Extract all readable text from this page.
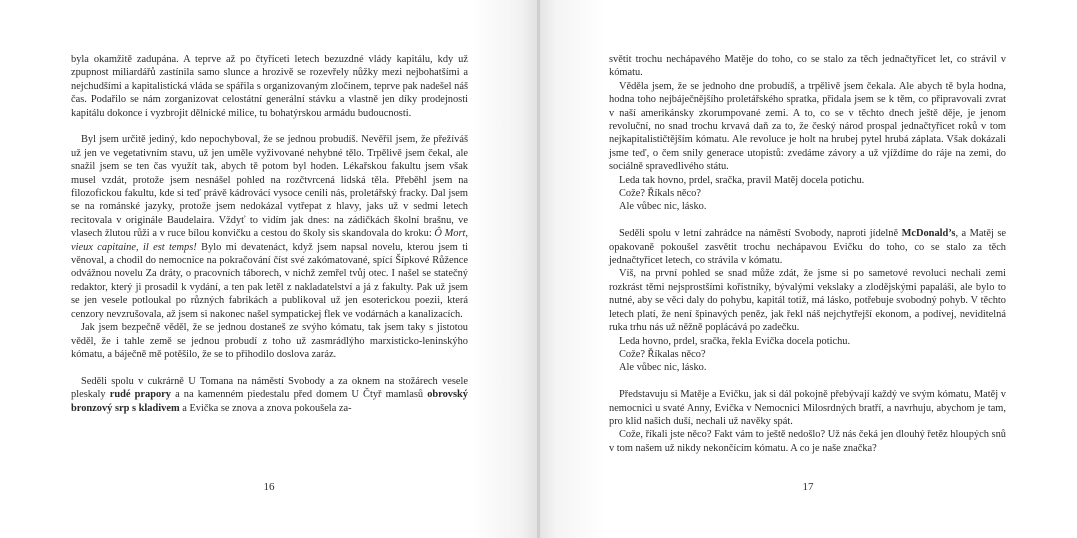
byla okamžitě zadupána. A teprve až po čtyřiceti letech bezuzdné vlády kapitálu, kdy už zpupnost miliardářů zastínila samo slunce a hrozivě se rozevřely nůžky mezi nejbohatšími a nejchudšími a kapitalistická vláda se spářila s organizovaným zločinem, teprve pak nadešel náš čas. Podařilo se nám zorganizovat celostátní generální stávku a vlastně jen díky prodejnosti kapitálu dokonce i vyzbrojit dělnické milice, tu bohatýrskou armádu budoucnosti.

Byl jsem určitě jediný, kdo nepochyboval, že se jednou probudíš. Nevěřil jsem, že přežíváš už jen ve vegetativním stavu, už jen uměle vyživované nehybné tělo. Trpělivě jsem čekal, ale snažil jsem se ten čas využít tak, abych tě potom byl hoden. Lékařskou fakultu jsem však musel vzdát, protože jsem nesnášel pohled na rozčtvrcená lidská těla. Přeběhl jsem na filozofickou fakultu, kde si teď právě kádrovácí vysoce cenili nás, proletářský fracky. Dal jsem se na románské jazyky, protože jsem nedokázal vytřepat z hlavy, jaks už v sedmi letech recitovala v originále Baudelaira. Vždyť to vidím jak dnes: na zádičkách školní brašnu, ve vlasech žlutou růži a v ruce bílou konvičku a cestou do školy sis skandovala do kroku: Ô Mort, vieux capitaine, il est temps! Bylo mi devatenáct, když jsem napsal novelu, kterou jsem ti věnoval, a chodil do nemocnice na pokračování číst své zakómatované, spící Šípkové Růžence odvážnou novelu Za dráty, o pracovních táborech, v nichž zemřel tvůj otec. I našel se statečný redaktor, který ji prosadil k vydání, a ten pak letěl z nakladatelství a já z fakulty. Pak už jsem se jen vesele potloukal po různých fabrikách a publikoval už jen esoterickou poezii, která cenzory nevzrušovala, až jsem si nakonec našel sympatickej flek ve vodárnách a kanalizacích.

Jak jsem bezpečně věděl, že se jednou dostaneš ze svýho kómatu, tak jsem taky s jistotou věděl, že i tahle země se jednou probudí z toho už zasmrádlýho marxisticko-leninskýho kómatu, a báječně mě potěšilo, že se to přihodilo doslova zaráz.

Seděli spolu v cukrárně U Tomana na náměstí Svobody a za oknem na stožárech vesele pleskaly rudé prapory a na kamenném piedestalu před domem U Čtyř mamlasů obrovský bronzový srp s kladivem a Evička se znova a znova pokoušela za-

16

světit trochu nechápavého Matěje do toho, co se stalo za těch jednačtyřicet let, co strávil v kómatu.

Věděla jsem, že se jednoho dne probudíš, a trpělivě jsem čekala. Ale abych tě byla hodna, hodna toho nejbáječnějšího proletářského spratka, přidala jsem se k těm, co připravovali zvrat v naší amerikánsky zkorumpované zemi. A to, co se v těchto dnech ještě děje, je jenom revoluční, no snad trochu krvavá daň za to, že český národ prospal jednačtyřicet roků v tom nejkapitalističtějším kómatu. Ale revoluce je holt na hrubej pytel hrubá záplata. Však dokázali jsme teď, o čem snily generace utopistů: zvedáme závory a už vjíždíme do ráje na zemi, do sociálně spravedlivého státu.

Leda tak hovno, prdel, sračka, pravil Matěj docela potichu.

Cože? Říkals něco?

Ale vůbec nic, lásko.

Seděli spolu v letní zahrádce na náměstí Svobody, naproti jídelně McDonald’s, a Matěj se opakovaně pokoušel zasvětit trochu nechápavou Evičku do toho, co se stalo za těch jednačtyřicet letech, co strávila v kómatu.

Víš, na první pohled se snad může zdát, že jsme si po sametové revoluci nechali zemi rozkrást těmi nejsprostšími kořistníky, bývalými vekslaky a zlodějskými papaláši, ale bylo to nutné, aby se věci daly do pohybu, kapitál totiž, má lásko, potřebuje svobodný pohyb. V těchto letech platí, že není špinavých peněz, jak řekl náš nejchytřejší ekonom, a podívej, neviditelná ruka trhu nás už něžně poplácává po zadečku.

Leda hovno, prdel, sračka, řekla Evička docela potichu.

Cože? Říkalas něco?

Ale vůbec nic, lásko.

Představuju si Matěje a Evičku, jak si dál pokojně přebývají každý ve svým kómatu, Matěj v nemocnici u svaté Anny, Evička v Nemocnici Milosrdných bratří, a navrhuju, abychom je tam, pro klid našich duší, nechali už navěky spát.

Cože, říkali jste něco? Fakt vám to ještě nedošlo? Už nás čeká jen dlouhý řetěz hloupých snů v tom našem už nikdy nekončícím kómatu. A co je naše značka?

17
